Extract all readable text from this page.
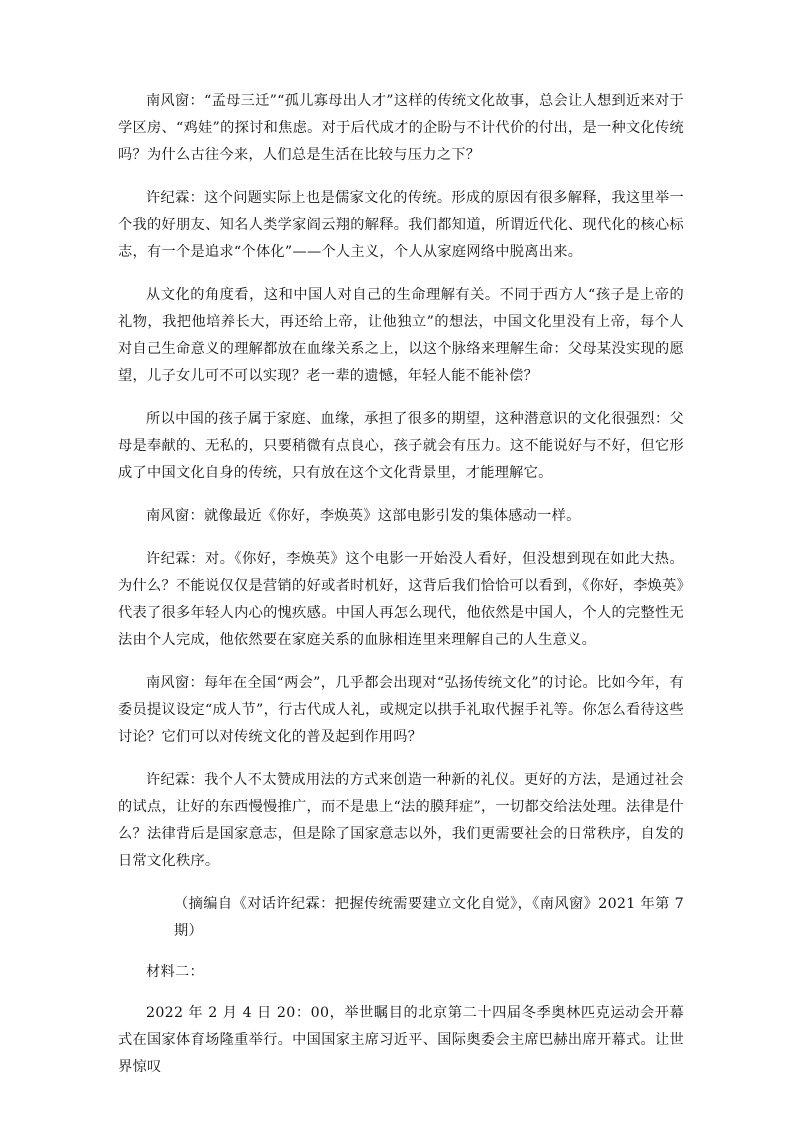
南风窗：“孟母三迁”“孤儿寡母出人才”这样的传统文化故事，总会让人想到近来对于学区房、“鸡娃”的探讨和焦虑。对于后代成才的企盼与不计代价的付出，是一种文化传统吗？为什么古往今来，人们总是生活在比较与压力之下？

许纪霖：这个问题实际上也是儒家文化的传统。形成的原因有很多解释，我这里举一个我的好朋友、知名人类学家阎云翔的解释。我们都知道，所谓近代化、现代化的核心标志，有一个是追求“个体化”——个人主义，个人从家庭网络中脱离出来。

从文化的角度看，这和中国人对自己的生命理解有关。不同于西方人“孩子是上帝的礼物，我把他培养长大，再还给上帝，让他独立”的想法，中国文化里没有上帝，每个人对自己生命意义的理解都放在血缘关系之上，以这个脉络来理解生命：父母某没实现的愿望，儿子女儿可不可以实现？老一辈的遗憾，年轻人能不能补偿？

所以中国的孩子属于家庭、血缘，承担了很多的期望，这种潜意识的文化很强烈：父母是奉献的、无私的，只要稍微有点良心，孩子就会有压力。这不能说好与不好，但它形成了中国文化自身的传统，只有放在这个文化背景里，才能理解它。

南风窗：就像最近《你好，李焕英》这部电影引发的集体感动一样。

许纪霖：对。《你好，李焕英》这个电影一开始没人看好，但没想到现在如此大热。为什么？不能说仅仅是营销的好或者时机好，这背后我们恰恰可以看到，《你好，李焕英》代表了很多年轻人内心的愧疚感。中国人再怎么现代，他依然是中国人，个人的完整性无法由个人完成，他依然要在家庭关系的血脉相连里来理解自己的人生意义。

南风窗：每年在全国“两会”，几乎都会出现对“弘扬传统文化”的讨论。比如今年，有委员提议设定“成人节”，行古代成人礼，或规定以拱手礼取代握手礼等。你怎么看待这些讨论？它们可以对传统文化的普及起到作用吗？

许纪霖：我个人不太赞成用法的方式来创造一种新的礼仪。更好的方法，是通过社会的试点，让好的东西慢慢推广，而不是患上“法的膜拜症”，一切都交给法处理。法律是什么？法律背后是国家意志，但是除了国家意志以外，我们更需要社会的日常秩序，自发的日常文化秩序。

（摘编自《对话许纪霖：把握传统需要建立文化自觉》，《南风窗》2021 年第 7 期）

材料二：

2022 年 2 月 4 日 20：00，举世瞩目的北京第二十四届冬季奥林匹克运动会开幕式在国家体育场隆重举行。中国国家主席习近平、国际奥委会主席巴赫出席开幕式。让世界惊叹
